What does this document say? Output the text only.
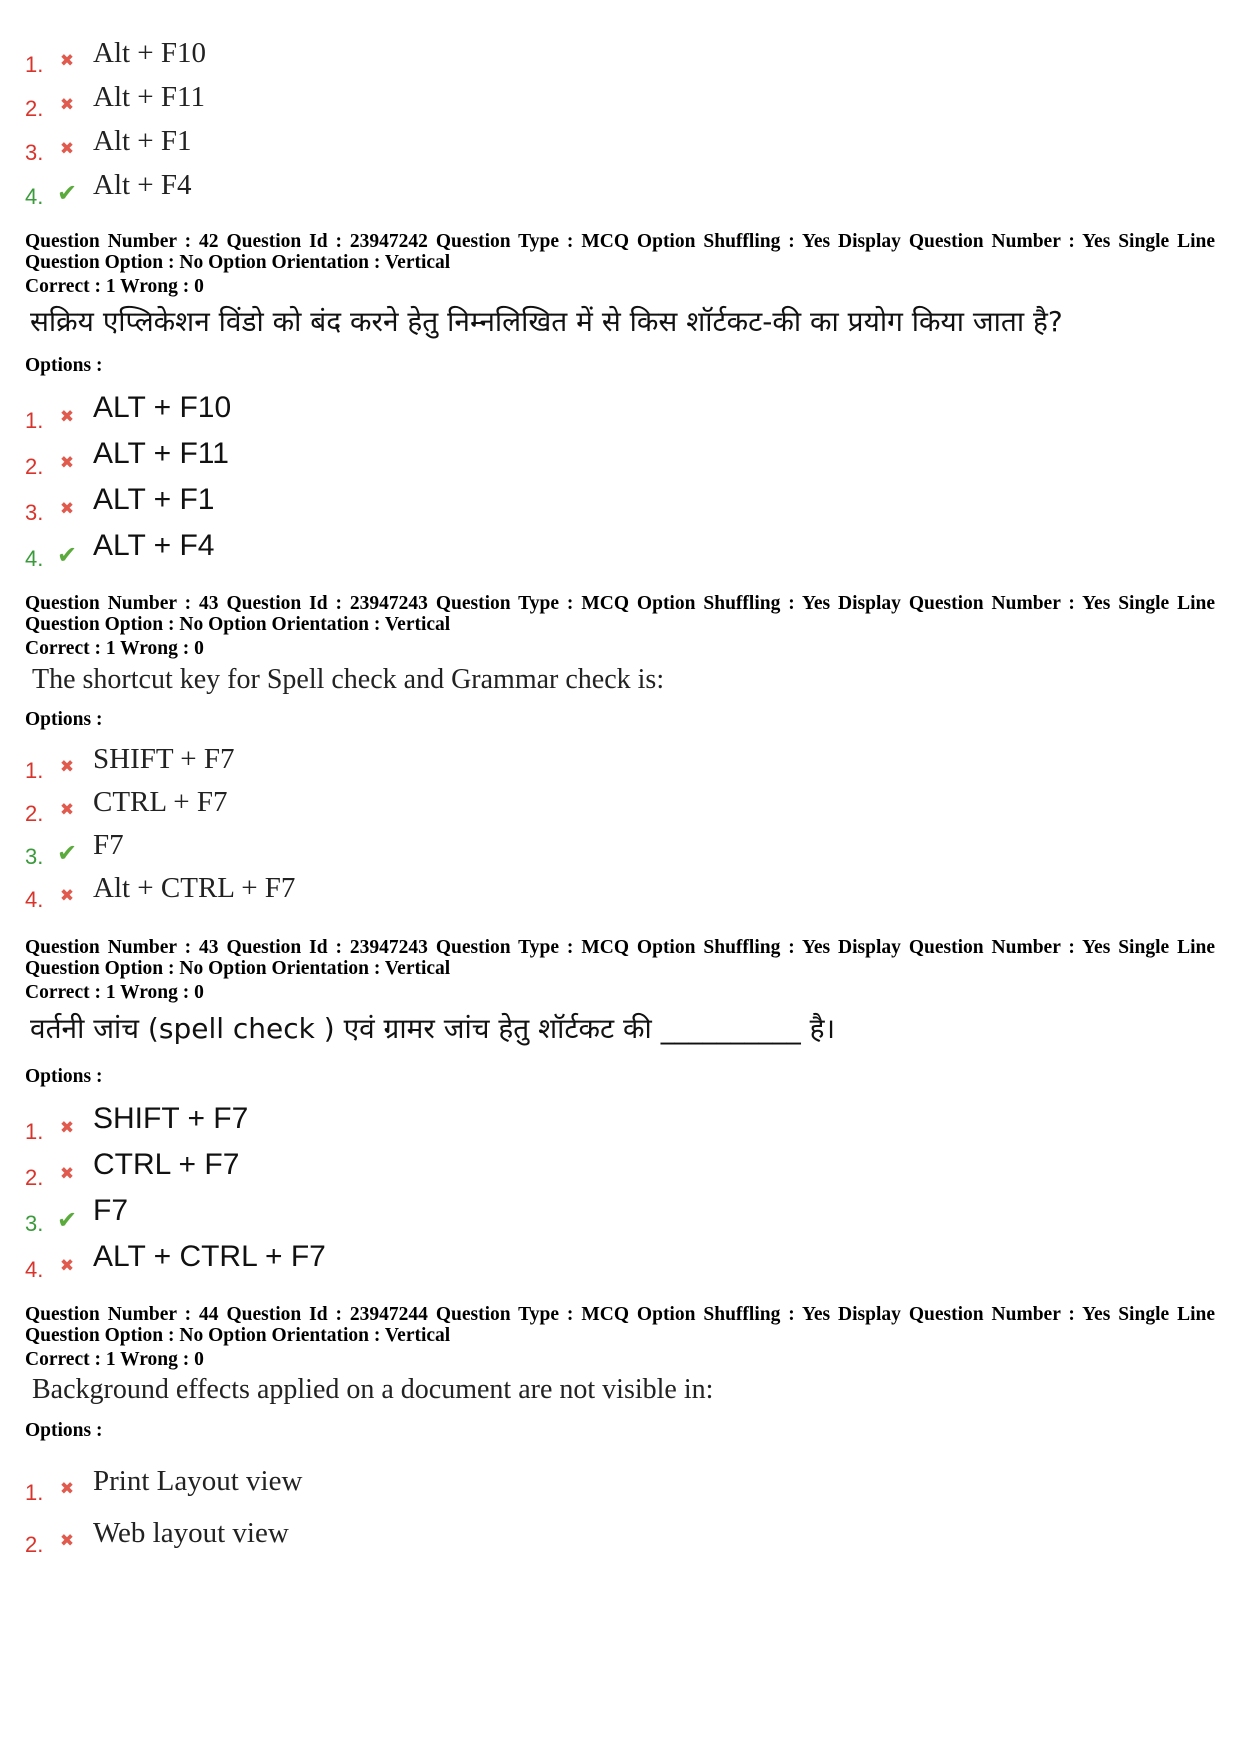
1. ✖ Alt + F10
2. ✖ Alt + F11
3. ✖ Alt + F1
4. ✔ Alt + F4
Question Number : 42 Question Id : 23947242 Question Type : MCQ Option Shuffling : Yes Display Question Number : Yes Single Line Question Option : No Option Orientation : Vertical
Correct : 1 Wrong : 0
सक्रिय एप्लिकेशन विंडो को बंद करने हेतु निम्नलिखित में से किस शॉर्टकट-की का प्रयोग किया जाता है?
Options :
1. ✖ ALT + F10
2. ✖ ALT + F11
3. ✖ ALT + F1
4. ✔ ALT + F4
Question Number : 43 Question Id : 23947243 Question Type : MCQ Option Shuffling : Yes Display Question Number : Yes Single Line Question Option : No Option Orientation : Vertical
Correct : 1 Wrong : 0
The shortcut key for Spell check and Grammar check is:
Options :
1. ✖ SHIFT + F7
2. ✖ CTRL + F7
3. ✔ F7
4. ✖ Alt + CTRL + F7
Question Number : 43 Question Id : 23947243 Question Type : MCQ Option Shuffling : Yes Display Question Number : Yes Single Line Question Option : No Option Orientation : Vertical
Correct : 1 Wrong : 0
वर्तनी जांच (spell check ) एवं ग्रामर जांच हेतु शॉर्टकट की __________ है।
Options :
1. ✖ SHIFT + F7
2. ✖ CTRL + F7
3. ✔ F7
4. ✖ ALT + CTRL + F7
Question Number : 44 Question Id : 23947244 Question Type : MCQ Option Shuffling : Yes Display Question Number : Yes Single Line Question Option : No Option Orientation : Vertical
Correct : 1 Wrong : 0
Background effects applied on a document are not visible in:
Options :
1. ✖ Print Layout view
2. ✖ Web layout view
